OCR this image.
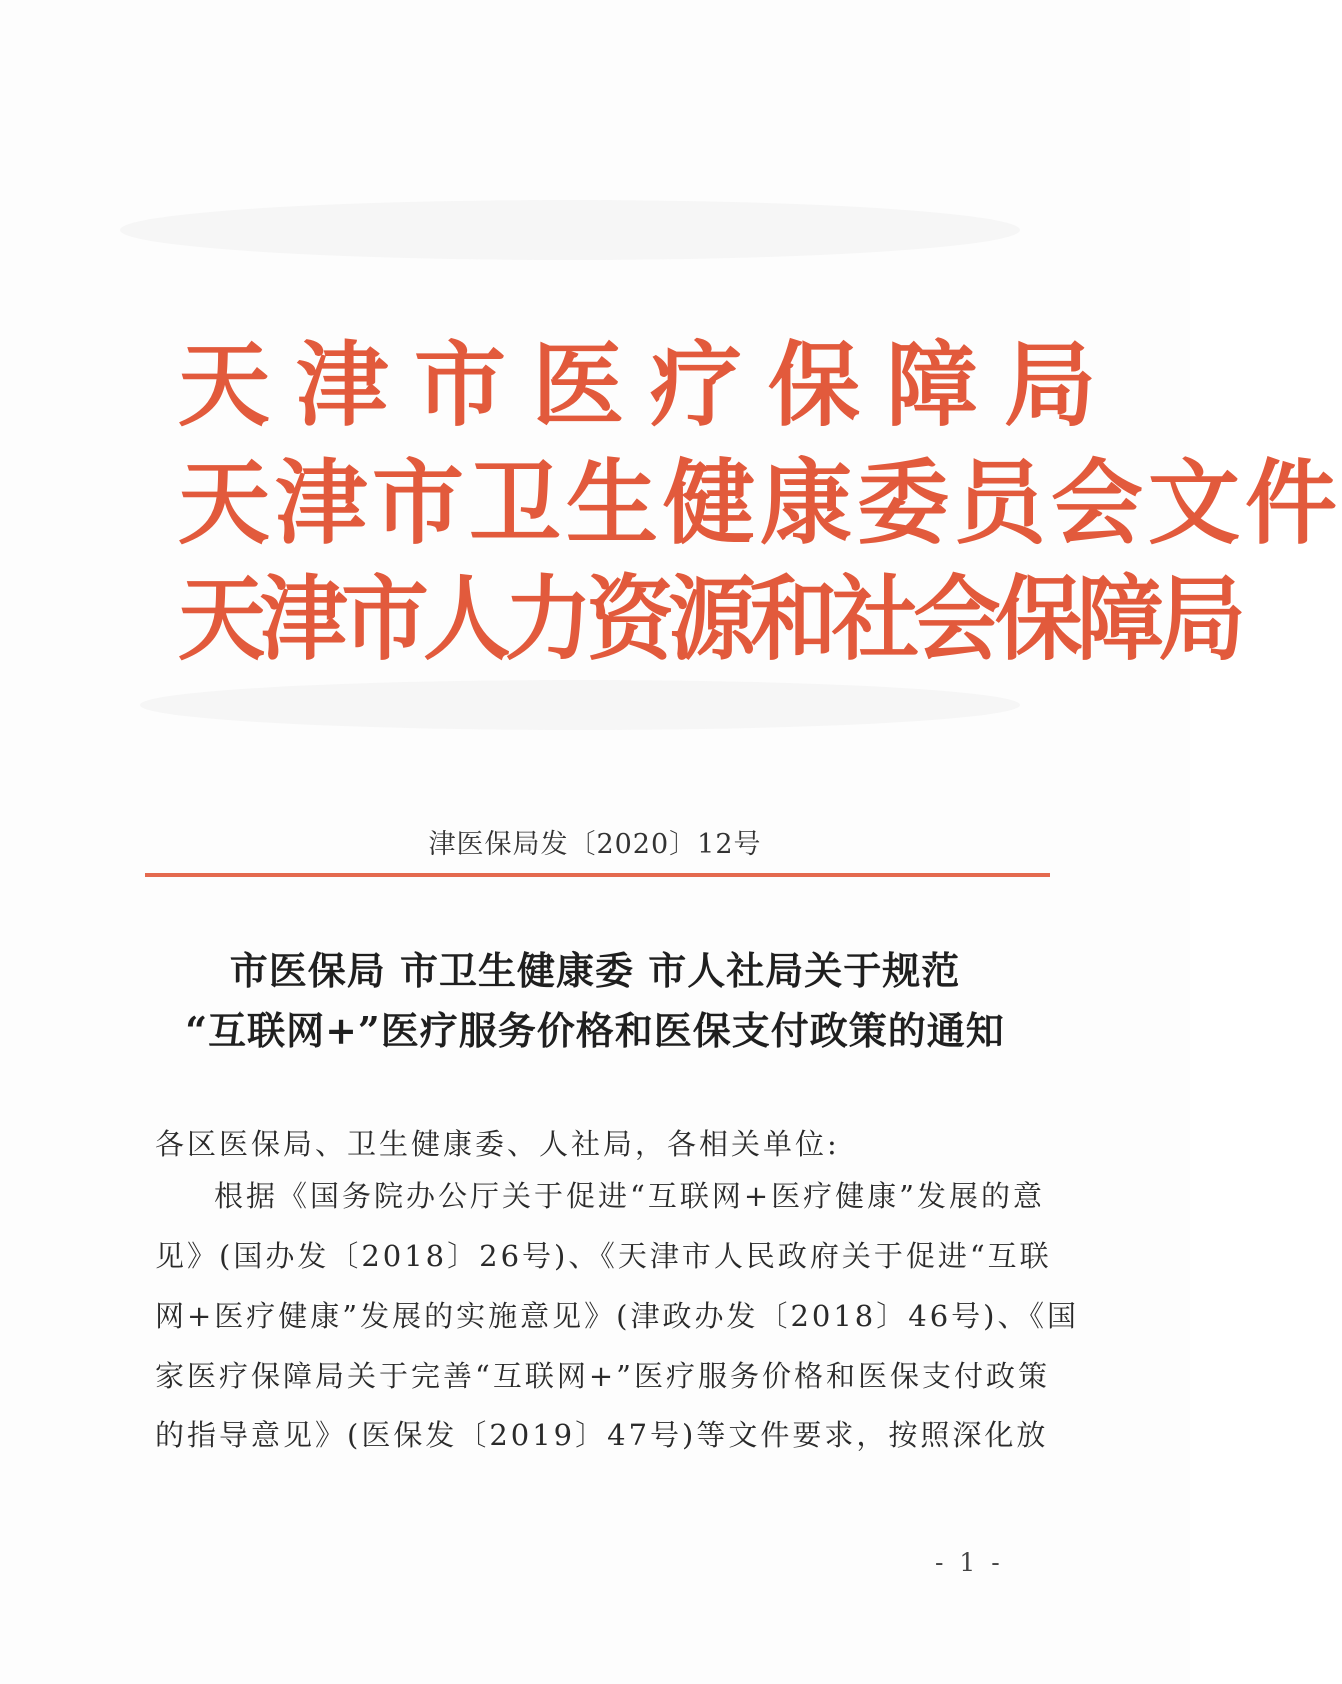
天津市医疗保障局
天津市卫生健康委员会文件
天津市人力资源和社会保障局
津医保局发〔2020〕12号
市医保局 市卫生健康委 市人社局关于规范
“互联网+”医疗服务价格和医保支付政策的通知
各区医保局、卫生健康委、人社局，各相关单位:
根据《国务院办公厅关于促进“互联网+医疗健康”发展的意
见》(国办发〔2018〕26号)、《天津市人民政府关于促进“互联
网+医疗健康”发展的实施意见》(津政办发〔2018〕46号)、《国
家医疗保障局关于完善“互联网+”医疗服务价格和医保支付政策
的指导意见》(医保发〔2019〕47号)等文件要求，按照深化放
- 1 -
